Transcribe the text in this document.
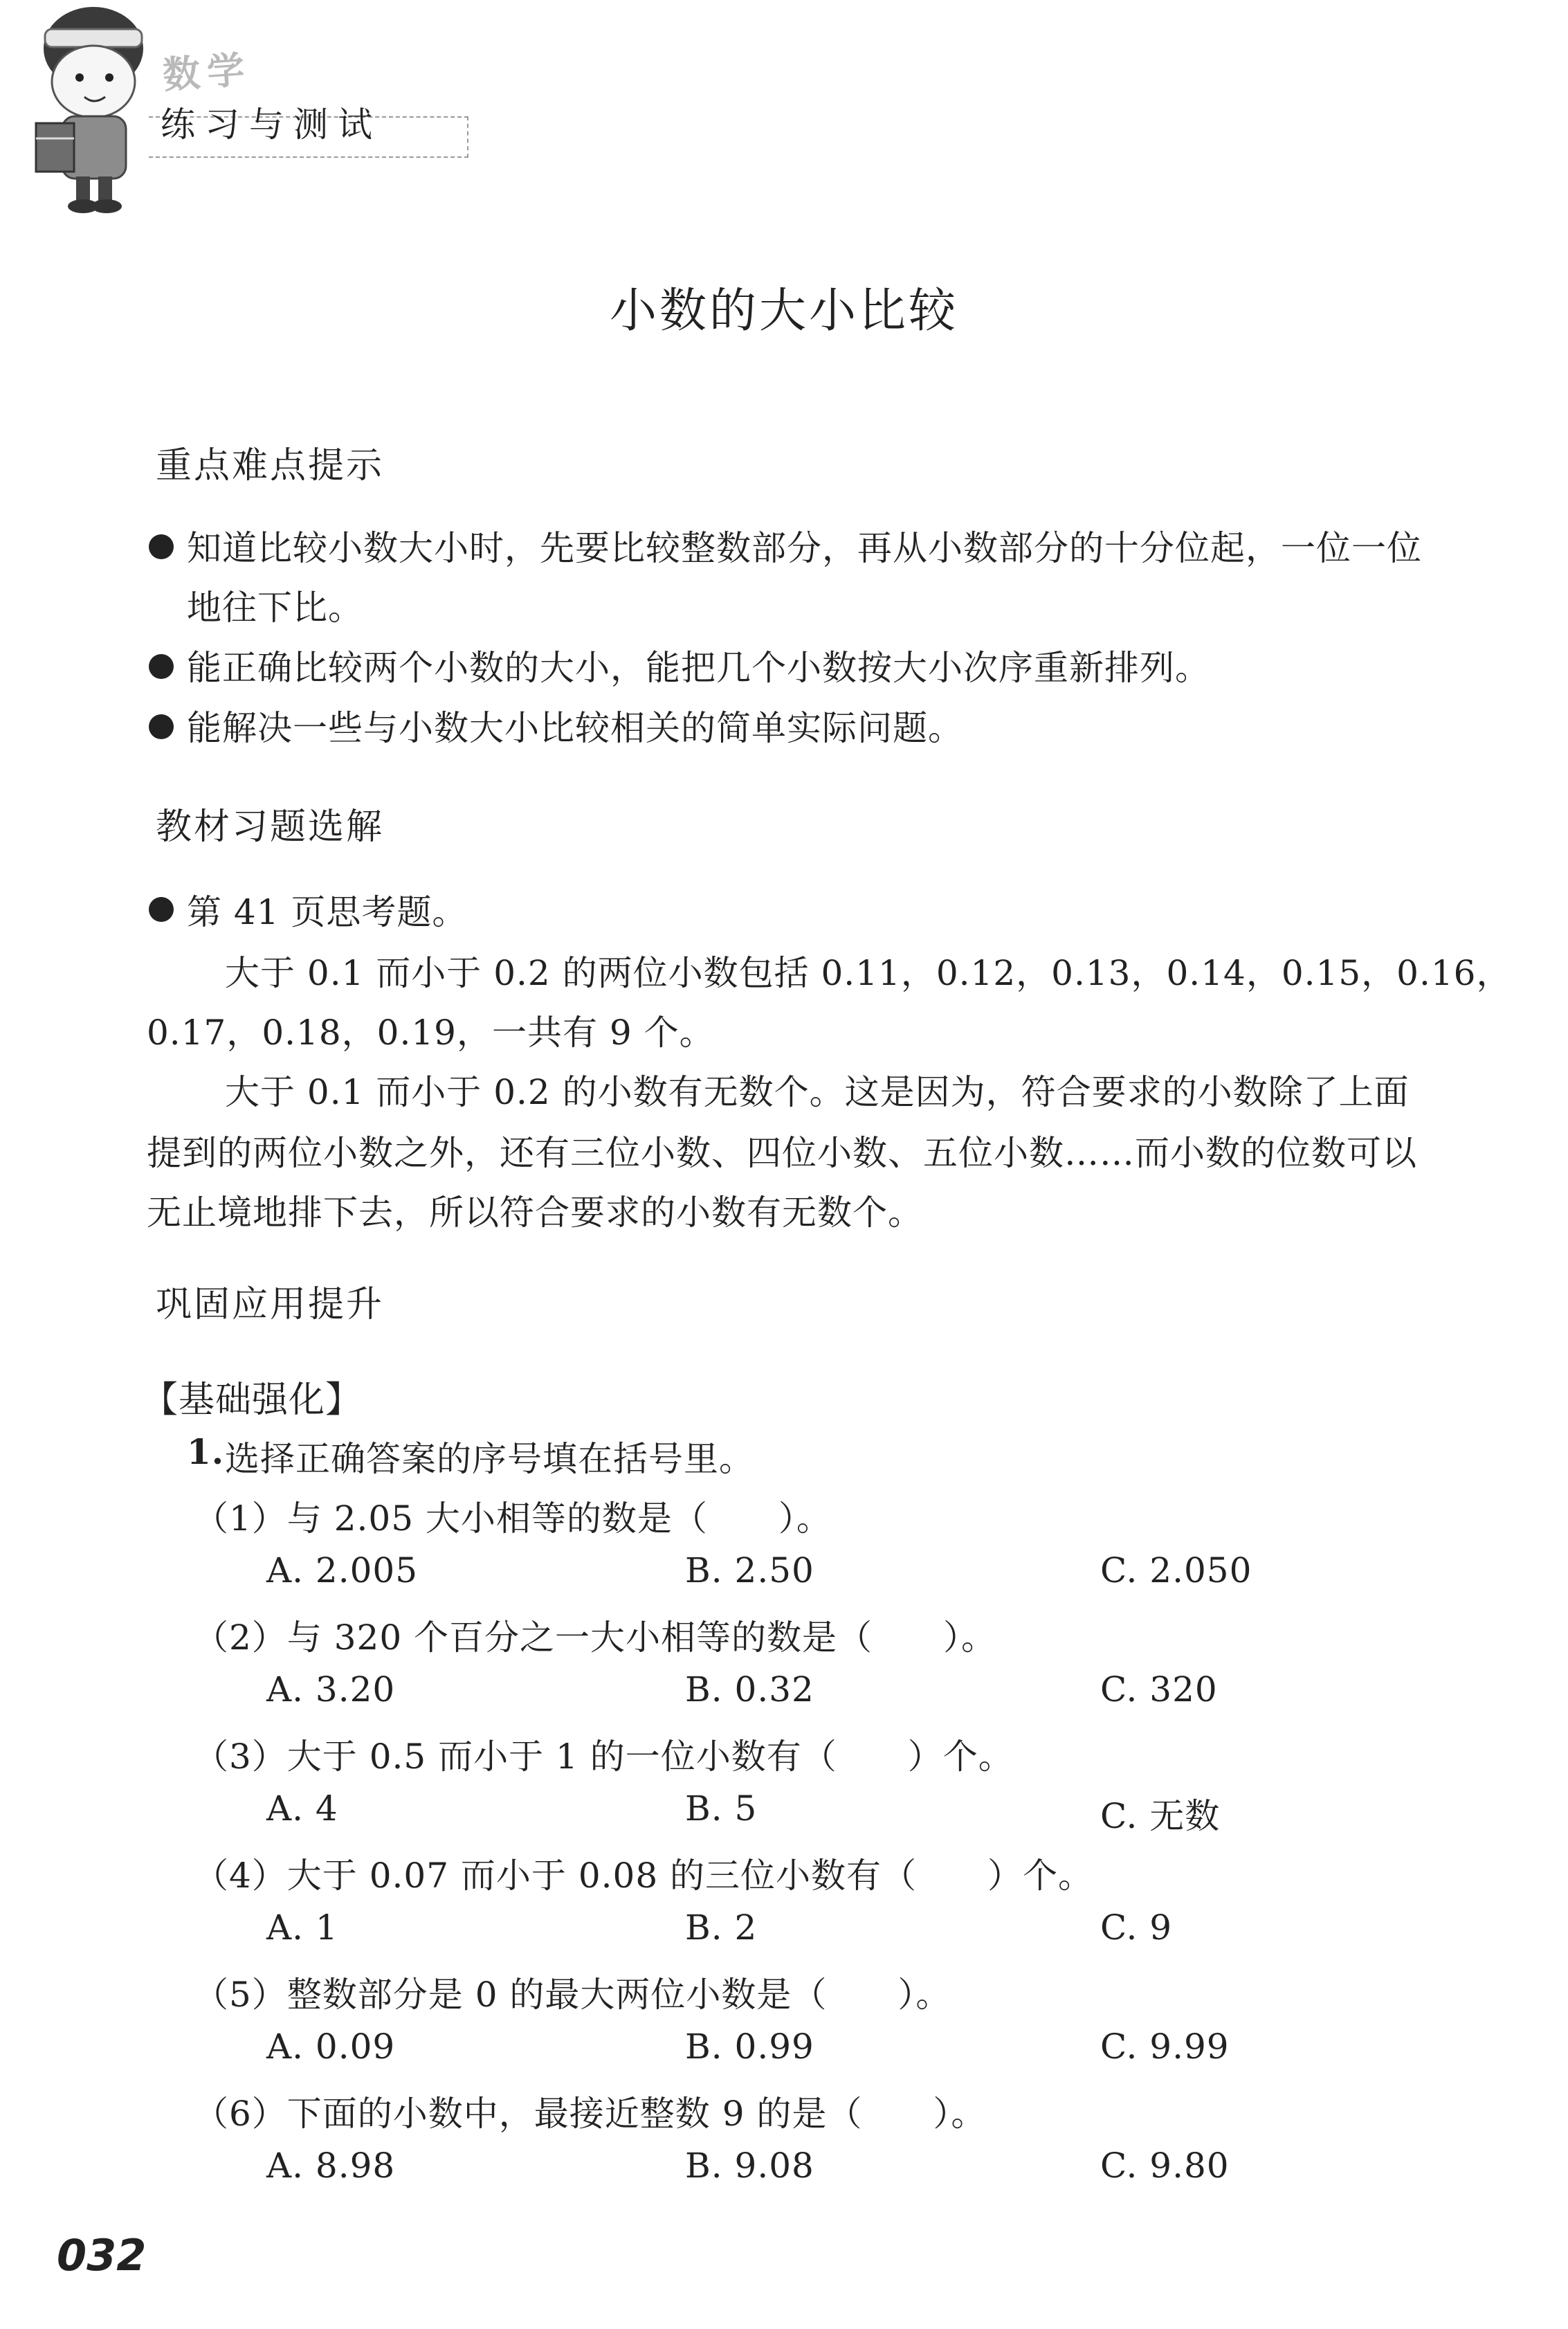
数学
练习与测试
小数的大小比较
重点难点提示
知道比较小数大小时，先要比较整数部分，再从小数部分的十分位起，一位一位
地往下比。
能正确比较两个小数的大小，能把几个小数按大小次序重新排列。
能解决一些与小数大小比较相关的简单实际问题。
教材习题选解
第 41 页思考题。
大于 0.1 而小于 0.2 的两位小数包括 0.11，0.12，0.13，0.14，0.15，0.16，
0.17，0.18，0.19，一共有 9 个。
大于 0.1 而小于 0.2 的小数有无数个。这是因为，符合要求的小数除了上面
提到的两位小数之外，还有三位小数、四位小数、五位小数……而小数的位数可以
无止境地排下去，所以符合要求的小数有无数个。
巩固应用提升
【基础强化】
1. 选择正确答案的序号填在括号里。
（1）与 2.05 大小相等的数是（　　）。
A. 2.005	B. 2.50	C. 2.050
（2）与 320 个百分之一大小相等的数是（　　）。
A. 3.20	B. 0.32	C. 320
（3）大于 0.5 而小于 1 的一位小数有（　　）个。
A. 4	B. 5	C. 无数
（4）大于 0.07 而小于 0.08 的三位小数有（　　）个。
A. 1	B. 2	C. 9
（5）整数部分是 0 的最大两位小数是（　　）。
A. 0.09	B. 0.99	C. 9.99
（6）下面的小数中，最接近整数 9 的是（　　）。
A. 8.98	B. 9.08	C. 9.80
032
